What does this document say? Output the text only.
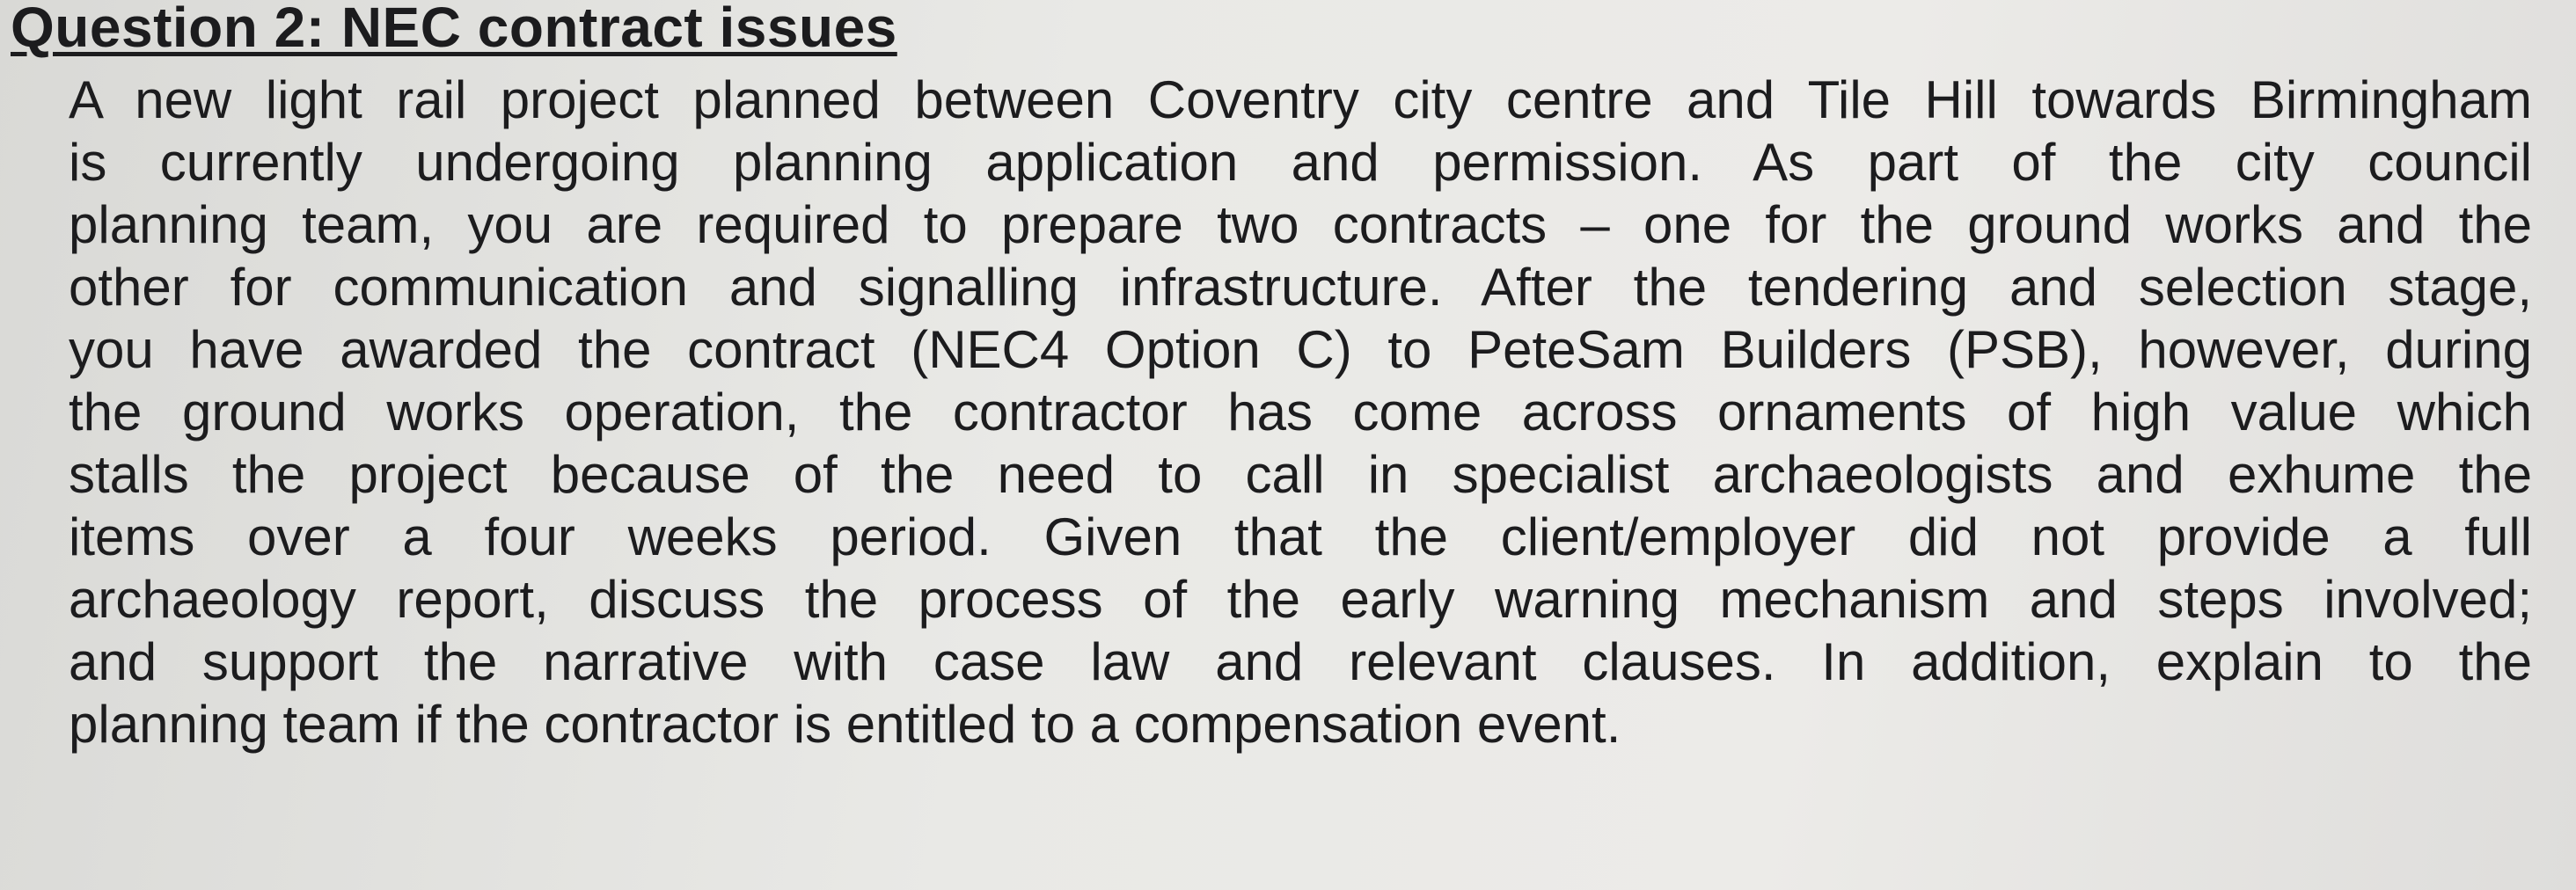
Question 2: NEC contract issues
A new light rail project planned between Coventry city centre and Tile Hill towards Birmingham
is currently undergoing planning application and permission. As part of the city council
planning team, you are required to prepare two contracts – one for the ground works and the
other for communication and signalling infrastructure. After the tendering and selection stage,
you have awarded the contract (NEC4 Option C) to PeteSam Builders (PSB), however, during
the ground works operation, the contractor has come across ornaments of high value which
stalls the project because of the need to call in specialist archaeologists and exhume the
items over a four weeks period. Given that the client/employer did not provide a full
archaeology report, discuss the process of the early warning mechanism and steps involved;
and support the narrative with case law and relevant clauses. In addition, explain to the
planning team if the contractor is entitled to a compensation event.
